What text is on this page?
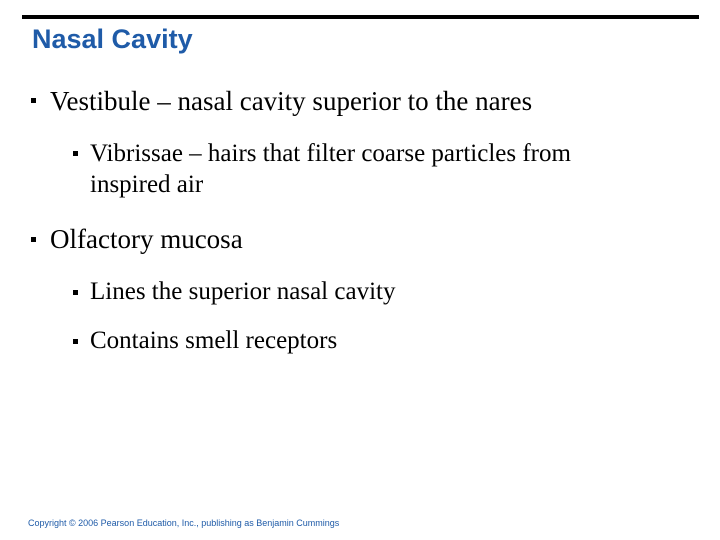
Nasal Cavity
Vestibule – nasal cavity superior to the nares
Vibrissae – hairs that filter coarse particles from
inspired air
Olfactory mucosa
Lines the superior nasal cavity
Contains smell receptors
Copyright © 2006 Pearson Education, Inc., publishing as Benjamin Cummings
